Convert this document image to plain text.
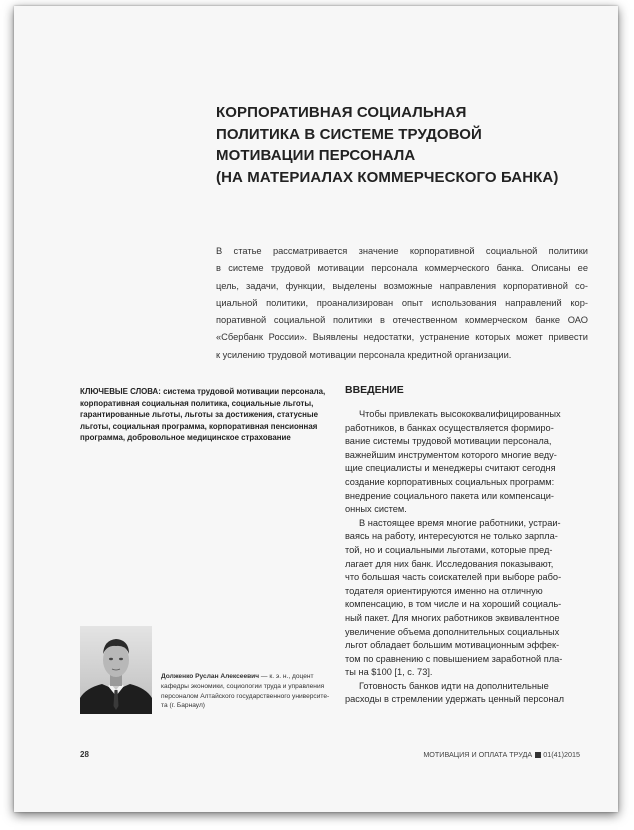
КОРПОРАТИВНАЯ СОЦИАЛЬНАЯ
ПОЛИТИКА В СИСТЕМЕ ТРУДОВОЙ
МОТИВАЦИИ ПЕРСОНАЛА
(НА МАТЕРИАЛАХ КОММЕРЧЕСКОГО БАНКА)
В статье рассматривается значение корпоративной социальной политики
в системе трудовой мотивации персонала коммерческого банка. Описаны ее
цель, задачи, функции, выделены возможные направления корпоративной со-
циальной политики, проанализирован опыт использования направлений кор-
поративной социальной политики в отечественном коммерческом банке ОАО
«Сбербанк России». Выявлены недостатки, устранение которых может привести
к усилению трудовой мотивации персонала кредитной организации.
КЛЮЧЕВЫЕ СЛОВА: система трудовой мотивации персонала,
корпоративная социальная политика, социальные льготы,
гарантированные льготы, льготы за достижения, статусные
льготы, социальная программа, корпоративная пенсионная
программа, добровольное медицинское страхование
ВВЕДЕНИЕ
Чтобы привлекать высококвалифицированных
работников, в банках осуществляется формиро-
вание системы трудовой мотивации персонала,
важнейшим инструментом которого многие веду-
щие специалисты и менеджеры считают сегодня
создание корпоративных социальных программ:
внедрение социального пакета или компенсаци-
онных систем.
В настоящее время многие работники, устраи-
ваясь на работу, интересуются не только зарпла-
той, но и социальными льготами, которые пред-
лагает для них банк. Исследования показывают,
что большая часть соискателей при выборе рабо-
тодателя ориентируются именно на отличную
компенсацию, в том числе и на хороший социаль-
ный пакет. Для многих работников эквивалентное
увеличение объема дополнительных социальных
льгот обладает большим мотивационным эффек-
том по сравнению с повышением заработной пла-
ты на $100 [1, с. 73].
Готовность банков идти на дополнительные
расходы в стремлении удержать ценный персонал
Долженко Руслан Алексеевич — к. э. н., доцент
кафедры экономики, социологии труда и управления
персоналом Алтайского государственного университе-
та (г. Барнаул)
28	МОТИВАЦИЯ И ОПЛАТА ТРУДА 01(41)2015
